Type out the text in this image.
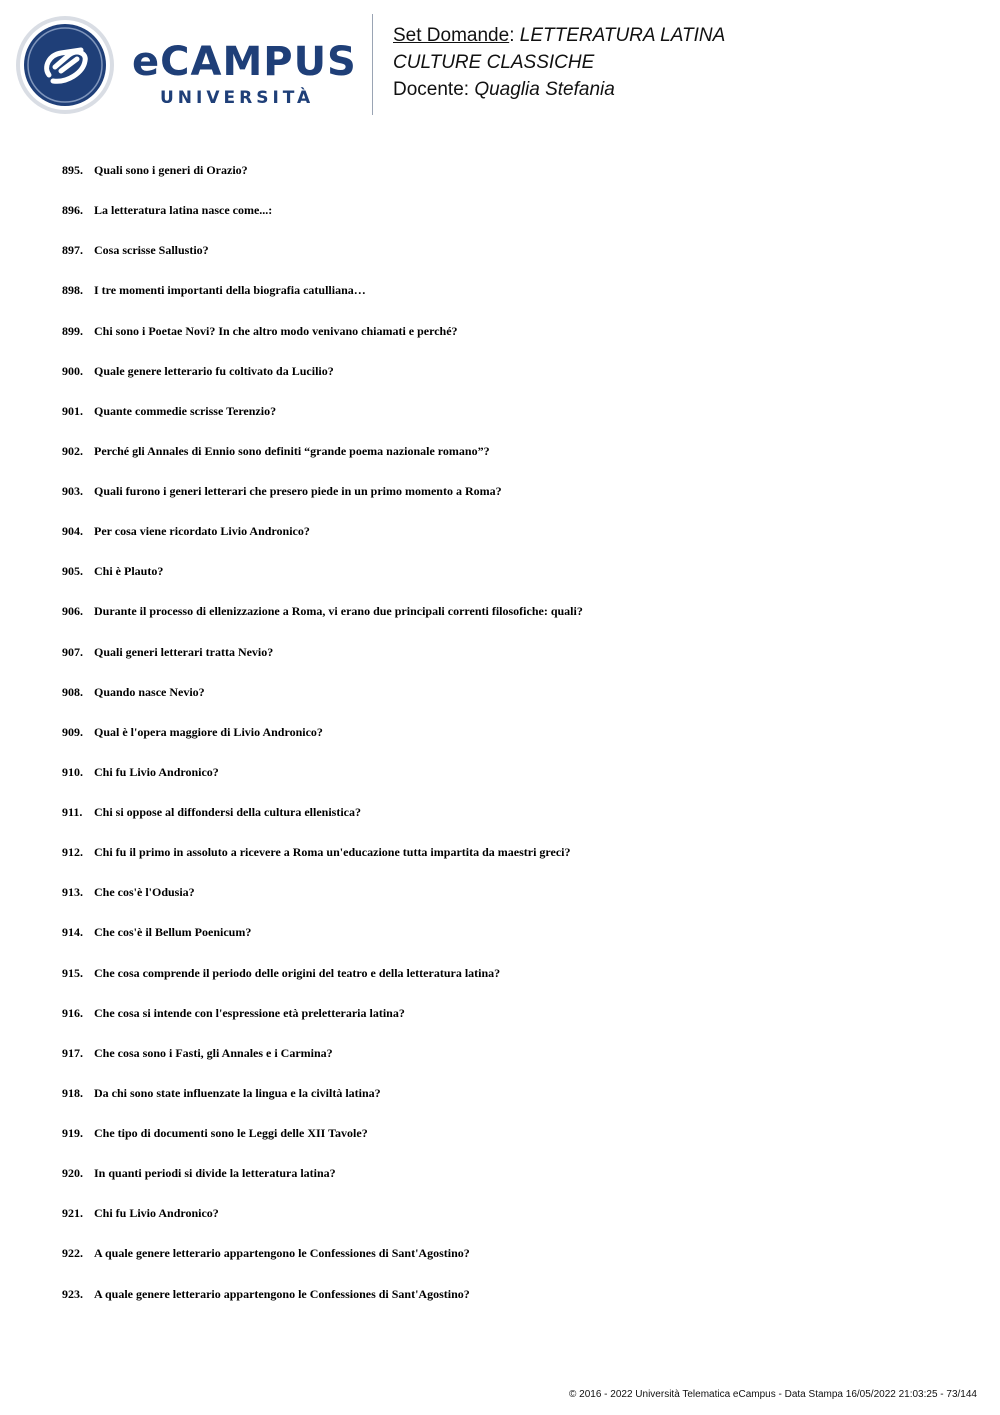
eCAMPUS
UNIVERSITÀ
Set Domande: LETTERATURA LATINA
CULTURE CLASSICHE
Docente: Quaglia Stefania
895. Quali sono i generi di Orazio?
896. La letteratura latina nasce come...:
897. Cosa scrisse Sallustio?
898. I tre momenti importanti della biografia catulliana…
899. Chi sono i Poetae Novi? In che altro modo venivano chiamati e perché?
900. Quale genere letterario fu coltivato da Lucilio?
901. Quante commedie scrisse Terenzio?
902. Perché gli Annales di Ennio sono definiti “grande poema nazionale romano”?
903. Quali furono i generi letterari che presero piede in un primo momento a Roma?
904. Per cosa viene ricordato Livio Andronico?
905. Chi è Plauto?
906. Durante il processo di ellenizzazione a Roma, vi erano due principali correnti filosofiche: quali?
907. Quali generi letterari tratta Nevio?
908. Quando nasce Nevio?
909. Qual è l'opera maggiore di Livio Andronico?
910. Chi fu Livio Andronico?
911. Chi si oppose al diffondersi della cultura ellenistica?
912. Chi fu il primo in assoluto a ricevere a Roma un'educazione tutta impartita da maestri greci?
913. Che cos'è l'Odusia?
914. Che cos'è il Bellum Poenicum?
915. Che cosa comprende il periodo delle origini del teatro e della letteratura latina?
916. Che cosa si intende con l'espressione età preletteraria latina?
917. Che cosa sono i Fasti, gli Annales e i Carmina?
918. Da chi sono state influenzate la lingua e la civiltà latina?
919. Che tipo di documenti sono le Leggi delle XII Tavole?
920. In quanti periodi si divide la letteratura latina?
921. Chi fu Livio Andronico?
922. A quale genere letterario appartengono le Confessiones di Sant'Agostino?
923. A quale genere letterario appartengono le Confessiones di Sant'Agostino?
© 2016 - 2022 Università Telematica eCampus - Data Stampa 16/05/2022 21:03:25 - 73/144
